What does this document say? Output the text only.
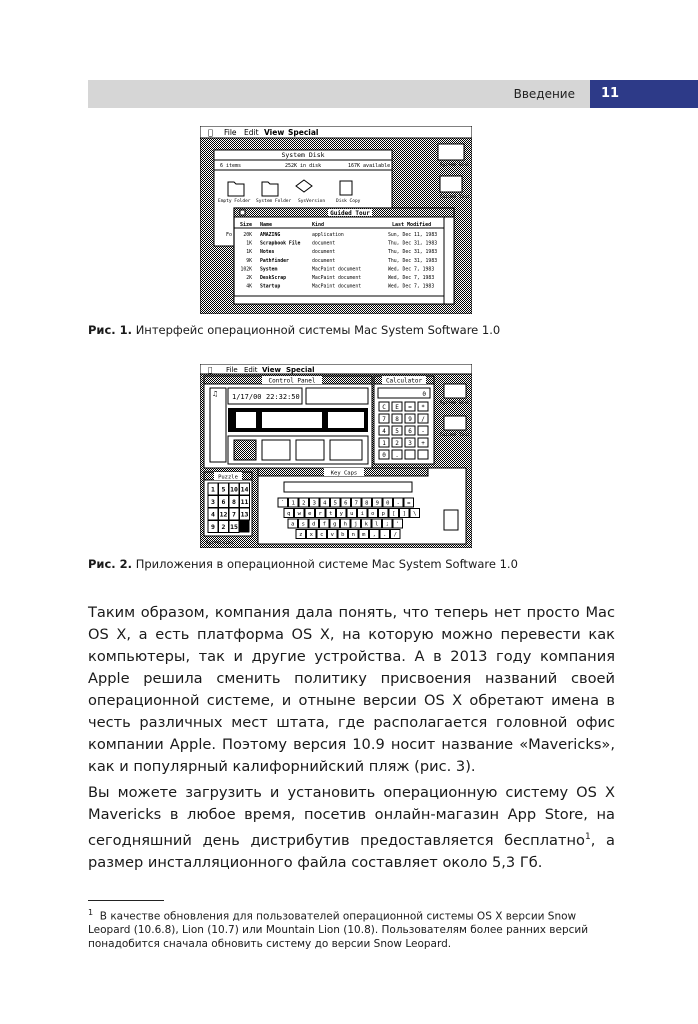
Введение	11
File Edit View Special
System Disk
6 items	252K in disk	167K available
Empty Folder System Folder SysVersion Disk Copy
System Disk
Guided Tour
Guided Tour
Size Name	Kind	Last Modified
20K AMAZING	application	Sun, Dec 11, 1983
1K Scrapbook File document	Thu, Dec 31, 1983
1K Notes	document	Thu, Dec 31, 1983
9K Pathfinder	document	Thu, Dec 31, 1983
102K System	MacPaint document	Wed, Dec 7, 1983
2K DeskScrap	MacPaint document	Wed, Dec 7, 1983
4K Startup	MacPaint document	Wed, Dec 7, 1983
Fo
Рис. 1. Интерфейс операционной системы Mac System Software 1.0
File Edit View Special
Control Panel
♫ 1/17/00 22:32:50
Calculator
0
C E = *
7 8 9 /
4 5 6 -
1 2 3 +
0 .
System Disk
Guided Tour
Puzzle
1 5 10 14
3 6 8 11
4 12 7 13
9 2 15
SysVersion
Key Caps
` 1 2 3 4 5 6 7 8 9 0 - =
q w e r t y u i o p [ ] \
a s d f g h j k l ; '
z x c v b n m , . /
Рис. 2. Приложения в операционной системе Mac System Software 1.0

Таким образом, компания дала понять, что теперь нет просто Mac OS X, а есть платформа OS X, на которую можно перевести как компьютеры, так и другие устройства. А в 2013 году компания Apple решила сменить политику присвоения названий своей операционной системе, и отныне версии OS X обретают имена в честь различных мест штата, где располагается головной офис компании Apple. Поэтому версия 10.9 носит название «Mavericks», как и популярный калифорнийский пляж (рис. 3).

Вы можете загрузить и установить операционную систему OS X Mavericks в любое время, посетив онлайн-магазин App Store, на сегодняшний день дистрибутив предоставляется бесплатно$^1$, а размер инсталляционного файла составляет около 5,3 Гб.

$^1$ В качестве обновления для пользователей операционной системы OS X версии Snow Leopard (10.6.8), Lion (10.7) или Mountain Lion (10.8). Пользователям более ранних версий понадобится сначала обновить систему до версии Snow Leopard.
